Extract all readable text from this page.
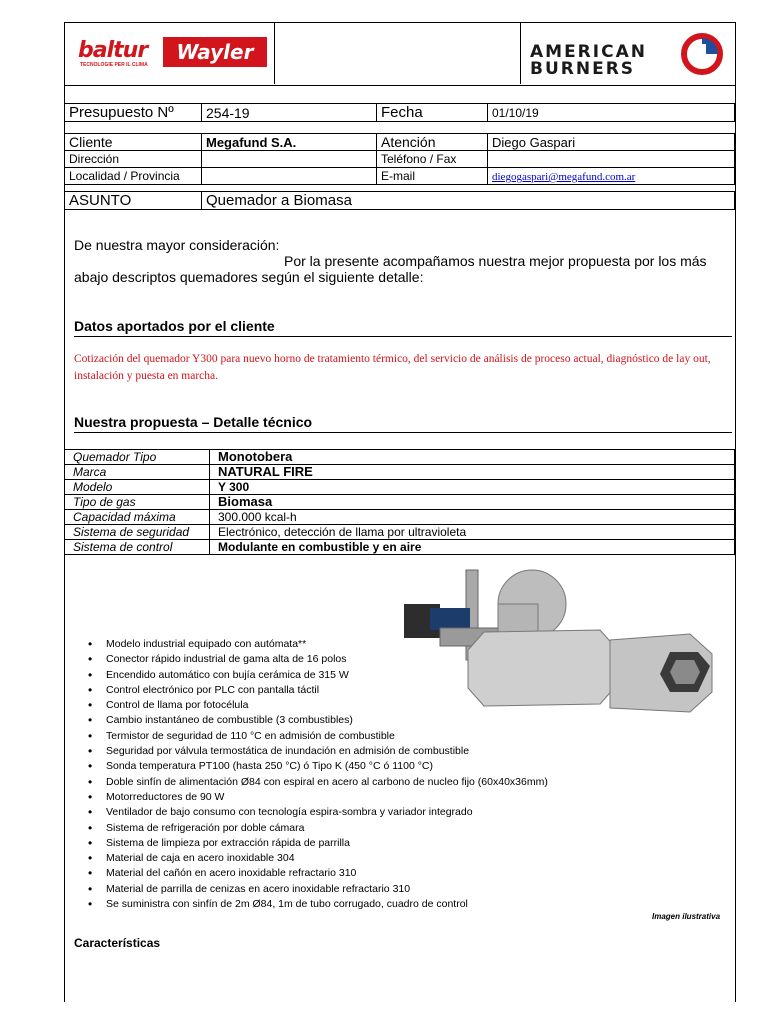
baltur
TECNOLOGIE PER IL CLIMA
Wayler	AMERICAN
BURNERS
Presupuesto Nº	254-19	Fecha	01/10/19
Cliente	Megafund S.A.	Atención	Diego Gaspari
Dirección		Teléfono / Fax	
Localidad / Provincia		E-mail	diegogaspari@megafund.com.ar
ASUNTO	Quemador a Biomasa
De nuestra mayor consideración:
Por la presente acompañamos nuestra mejor propuesta por los más
abajo descriptos quemadores según el siguiente detalle:
Datos aportados por el cliente
Cotización del quemador Y300 para nuevo horno de tratamiento térmico, del servicio de análisis de proceso actual, diagnóstico de lay out, instalación y puesta en marcha.
Nuestra propuesta – Detalle técnico
Quemador Tipo	Monotobera
Marca	NATURAL FIRE
Modelo	Y 300
Tipo de gas	Biomasa
Capacidad máxima	300.000 kcal-h
Sistema de seguridad	Electrónico, detección de llama por ultravioleta
Sistema de control	Modulante en combustible y en aire
• Modelo industrial equipado con autómata**
• Conector rápido industrial de gama alta de 16 polos
• Encendido automático con bujía cerámica de 315 W
• Control electrónico por PLC con pantalla táctil
• Control de llama por fotocélula
• Cambio instantáneo de combustible (3 combustibles)
• Termistor de seguridad de 110 °C en admisión de combustible
• Seguridad por válvula termostática de inundación en admisión de combustible
• Sonda temperatura PT100 (hasta 250 °C) ó Tipo K (450 °C ó 1100 °C)
• Doble sinfín de alimentación Ø84 con espiral en acero al carbono de nucleo fijo (60x40x36mm)
• Motorreductores de 90 W
• Ventilador de bajo consumo con tecnología espira-sombra y variador integrado
• Sistema de refrigeración por doble cámara
• Sistema de limpieza por extracción rápida de parrilla
• Material de caja en acero inoxidable 304
• Material del cañón en acero inoxidable refractario 310
• Material de parrilla de cenizas en acero inoxidable refractario 310
• Se suministra con sinfín de 2m Ø84, 1m de tubo corrugado, cuadro de control
Imagen ilustrativa
Características
